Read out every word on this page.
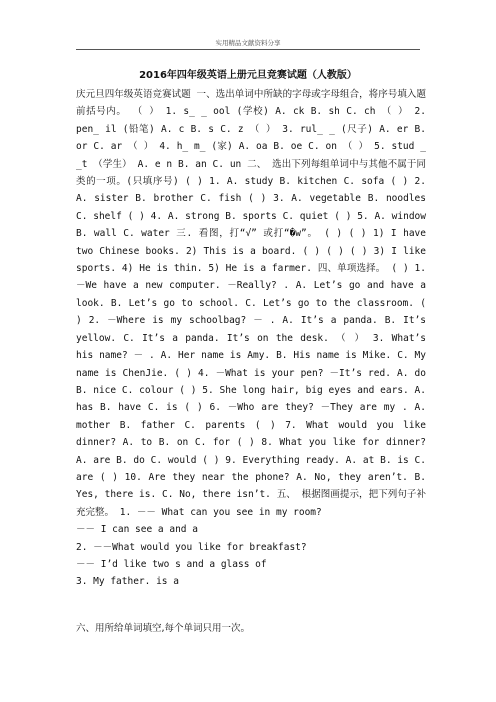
实用精品文献资料分享
2016年四年级英语上册元旦竞赛试题（人教版）
庆元旦四年级英语竞赛试题 一、选出单词中所缺的字母或字母组合，将序号填入题前括号内。 （ ） 1. s_ _ ool (学校) A. ck B. sh C. ch （ ） 2. pen_ il (铅笔) A. c B. s C. z （ ） 3. rul_ _ (尺子) A. er B. or C. ar （ ） 4. h_ m_ (家) A. oa B. oe C. on （ ） 5. stud _ _t （学生） A. e n B. an C. un 二、 选出下列每组单词中与其他不属于同类的一项。(只填序号) ( ) 1. A. study B. kitchen C. sofa ( ) 2. A. sister B. brother C. fish ( ) 3. A. vegetable B. noodles C. shelf ( ) 4. A. strong B. sports C. quiet ( ) 5. A. window B. wall C. water 三. 看图，打“√” 或打“�w”。 ( ) ( ) 1) I have two Chinese books. 2) This is a board. ( ) ( ) ( ) 3) I like sports. 4) He is thin. 5) He is a farmer. 四、单项选择。 ( ) 1. －We have a new computer. －Really? . A. Let’s go and have a look. B. Let’s go to school. C. Let’s go to the classroom. ( ) 2. －Where is my schoolbag? － . A. It’s a panda. B. It’s yellow. C. It’s a panda. It’s on the desk. （ ） 3. What’s his name? － . A. Her name is Amy. B. His name is Mike. C. My name is ChenJie. ( ) 4. －What is your pen? －It’s red. A. do B. nice C. colour ( ) 5. She long hair, big eyes and ears. A. has B. have C. is ( ) 6. －Who are they? －They are my . A. mother B. father C. parents ( ) 7. What would you like dinner? A. to B. on C. for ( ) 8. What you like for dinner? A. are B. do C. would ( ) 9. Everything ready. A. at B. is C. are ( ) 10. Are they near the phone? A. No, they aren’t. B. Yes, there is. C. No, there isn’t. 五、 根据图画提示，把下列句子补充完整。 1. －－ What can you see in my room?
－－ I can see a and a
2. －－What would you like for breakfast?
－－ I’d like two s and a glass of
3. My father. is a
六、用所给单词填空,每个单词只用一次。
